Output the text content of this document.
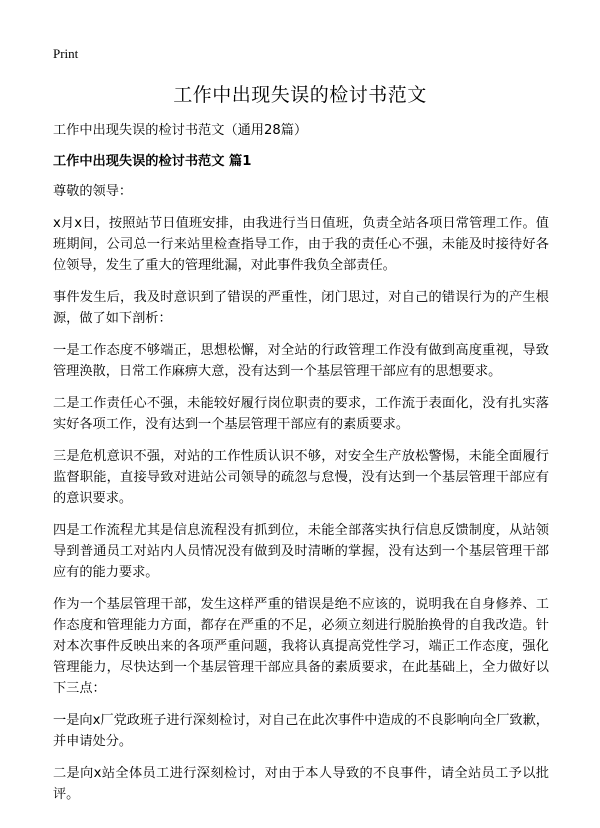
Print
工作中出现失误的检讨书范文

工作中出现失误的检讨书范文（通用28篇）

工作中出现失误的检讨书范文 篇1

尊敬的领导：

x月x日，按照站节日值班安排，由我进行当日值班，负责全站各项日常管理工作。值班期间，公司总一行来站里检查指导工作，由于我的责任心不强，未能及时接待好各位领导，发生了重大的管理纰漏，对此事件我负全部责任。

事件发生后，我及时意识到了错误的严重性，闭门思过，对自己的错误行为的产生根源，做了如下剖析：

一是工作态度不够端正，思想松懈，对全站的行政管理工作没有做到高度重视，导致管理涣散，日常工作麻痹大意，没有达到一个基层管理干部应有的思想要求。

二是工作责任心不强，未能较好履行岗位职责的要求，工作流于表面化，没有扎实落实好各项工作，没有达到一个基层管理干部应有的素质要求。

三是危机意识不强，对站的工作性质认识不够，对安全生产放松警惕，未能全面履行监督职能，直接导致对进站公司领导的疏忽与怠慢，没有达到一个基层管理干部应有的意识要求。

四是工作流程尤其是信息流程没有抓到位，未能全部落实执行信息反馈制度，从站领导到普通员工对站内人员情况没有做到及时清晰的掌握，没有达到一个基层管理干部应有的能力要求。

作为一个基层管理干部，发生这样严重的错误是绝不应该的，说明我在自身修养、工作态度和管理能力方面，都存在严重的不足，必须立刻进行脱胎换骨的自我改造。针对本次事件反映出来的各项严重问题，我将认真提高党性学习，端正工作态度，强化管理能力，尽快达到一个基层管理干部应具备的素质要求，在此基础上，全力做好以下三点：

一是向x厂党政班子进行深刻检讨，对自己在此次事件中造成的不良影响向全厂致歉，并申请处分。

二是向x站全体员工进行深刻检讨，对由于本人导致的不良事件，请全站员工予以批评。
